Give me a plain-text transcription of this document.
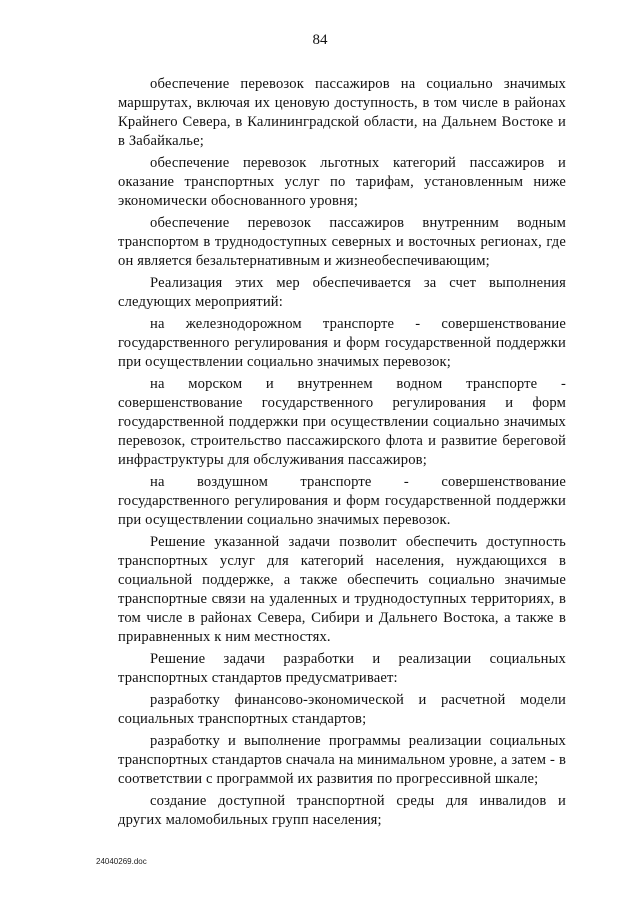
84

обеспечение перевозок пассажиров на социально значимых маршрутах, включая их ценовую доступность, в том числе в районах Крайнего Севера, в Калининградской области, на Дальнем Востоке и в Забайкалье;

обеспечение перевозок льготных категорий пассажиров и оказание транспортных услуг по тарифам, установленным ниже экономически обоснованного уровня;

обеспечение перевозок пассажиров внутренним водным транспортом в труднодоступных северных и восточных регионах, где он является безальтернативным и жизнеобеспечивающим;

Реализация этих мер обеспечивается за счет выполнения следующих мероприятий:

на железнодорожном транспорте - совершенствование государственного регулирования и форм государственной поддержки при осуществлении социально значимых перевозок;

на морском и внутреннем водном транспорте - совершенствование государственного регулирования и форм государственной поддержки при осуществлении социально значимых перевозок, строительство пассажирского флота и развитие береговой инфраструктуры для обслуживания пассажиров;

на воздушном транспорте - совершенствование государственного регулирования и форм государственной поддержки при осуществлении социально значимых перевозок.

Решение указанной задачи позволит обеспечить доступность транспортных услуг для категорий населения, нуждающихся в социальной поддержке, а также обеспечить социально значимые транспортные связи на удаленных и труднодоступных территориях, в том числе в районах Севера, Сибири и Дальнего Востока, а также в приравненных к ним местностях.

Решение задачи разработки и реализации социальных транспортных стандартов предусматривает:

разработку финансово-экономической и расчетной модели социальных транспортных стандартов;

разработку и выполнение программы реализации социальных транспортных стандартов сначала на минимальном уровне, а затем - в соответствии с программой их развития по прогрессивной шкале;

создание доступной транспортной среды для инвалидов и других маломобильных групп населения;

24040269.doc
